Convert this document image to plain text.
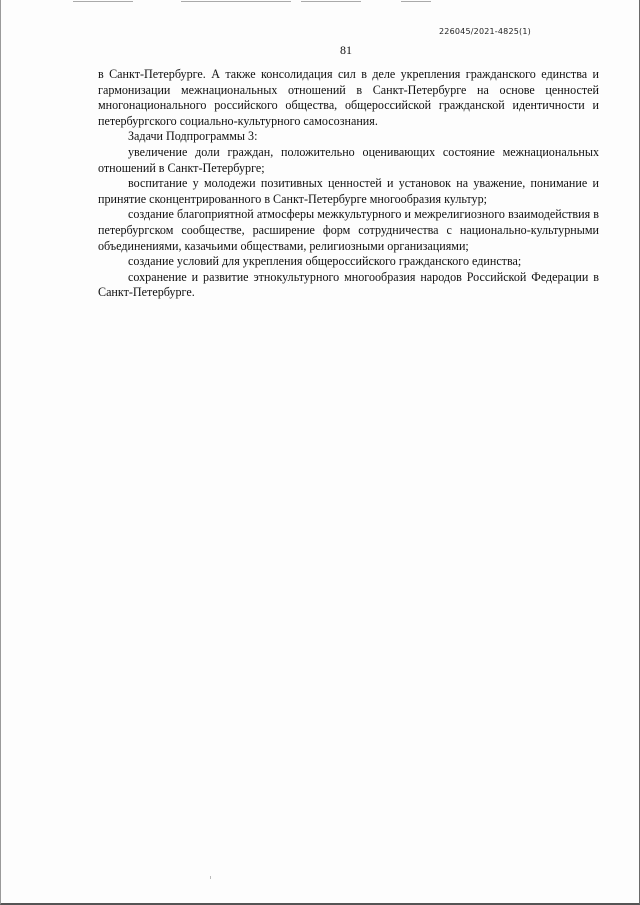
226045/2021-4825(1)
81

в Санкт-Петербурге. А также консолидация сил в деле укрепления гражданского единства и гармонизации межнациональных отношений в Санкт-Петербурге на основе ценностей многонационального российского общества, общероссийской гражданской идентичности и петербургского социально-культурного самосознания.

Задачи Подпрограммы 3:

увеличение доли граждан, положительно оценивающих состояние межнациональных отношений в Санкт-Петербурге;

воспитание у молодежи позитивных ценностей и установок на уважение, понимание и принятие сконцентрированного в Санкт-Петербурге многообразия культур;

создание благоприятной атмосферы межкультурного и межрелигиозного взаимодействия в петербургском сообществе, расширение форм сотрудничества с национально-культурными объединениями, казачьими обществами, религиозными организациями;

создание условий для укрепления общероссийского гражданского единства;

сохранение и развитие этнокультурного многообразия народов Российской Федерации в Санкт-Петербурге.
